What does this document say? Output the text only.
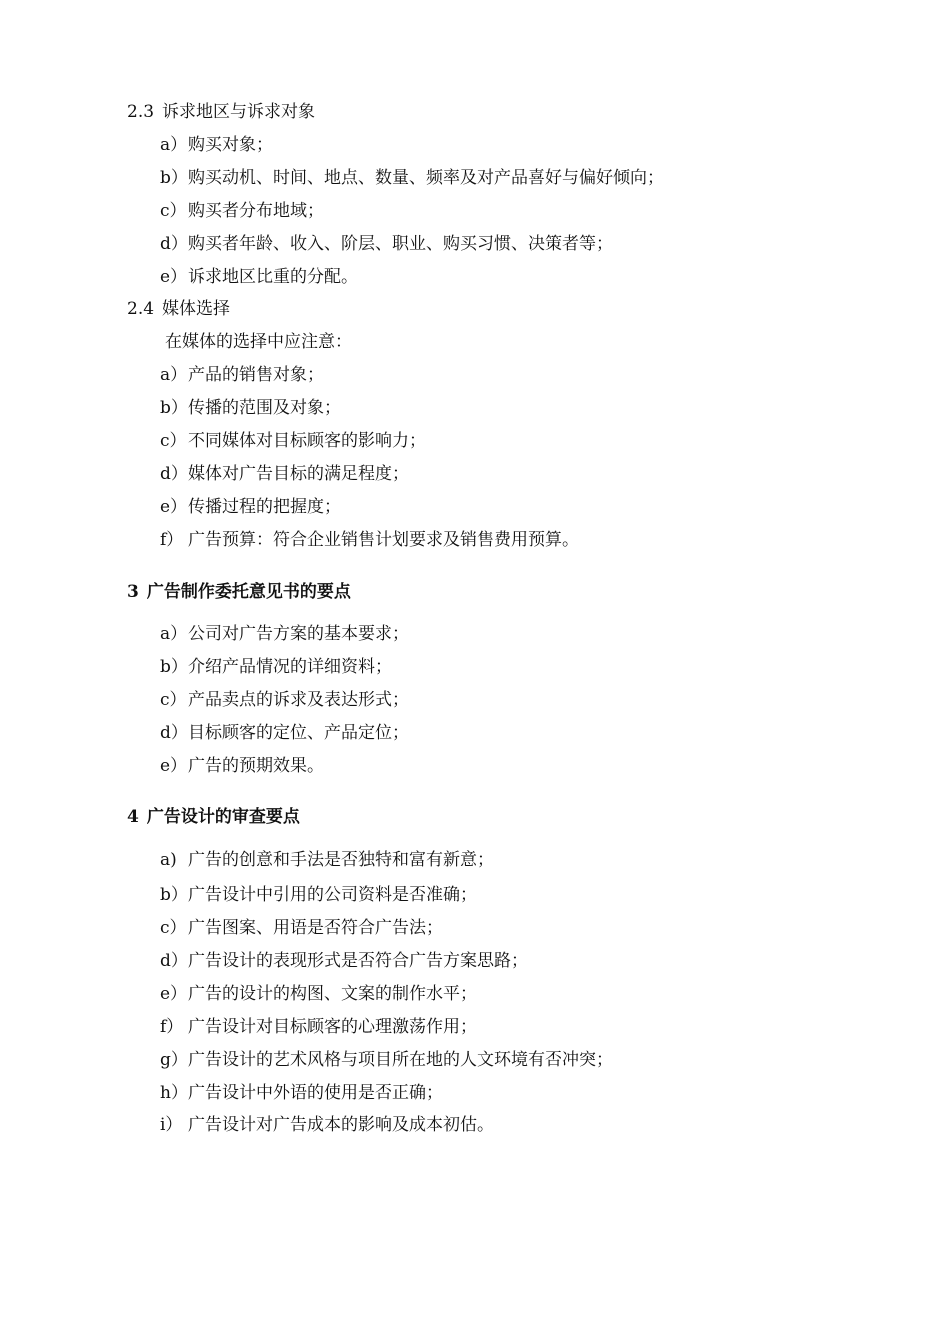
2.3 诉求地区与诉求对象
a）购买对象；
b）购买动机、时间、地点、数量、频率及对产品喜好与偏好倾向；
c）购买者分布地域；
d）购买者年龄、收入、阶层、职业、购买习惯、决策者等；
e）诉求地区比重的分配。
2.4 媒体选择
在媒体的选择中应注意：
a）产品的销售对象；
b）传播的范围及对象；
c）不同媒体对目标顾客的影响力；
d）媒体对广告目标的满足程度；
e）传播过程的把握度；
f） 广告预算：符合企业销售计划要求及销售费用预算。
3 广告制作委托意见书的要点
a）公司对广告方案的基本要求；
b）介绍产品情况的详细资料；
c）产品卖点的诉求及表达形式；
d）目标顾客的定位、产品定位；
e）广告的预期效果。
4 广告设计的审查要点
a) 广告的创意和手法是否独特和富有新意；
b）广告设计中引用的公司资料是否准确；
c）广告图案、用语是否符合广告法；
d）广告设计的表现形式是否符合广告方案思路；
e）广告的设计的构图、文案的制作水平；
f） 广告设计对目标顾客的心理激荡作用；
g）广告设计的艺术风格与项目所在地的人文环境有否冲突；
h）广告设计中外语的使用是否正确；
i） 广告设计对广告成本的影响及成本初估。
